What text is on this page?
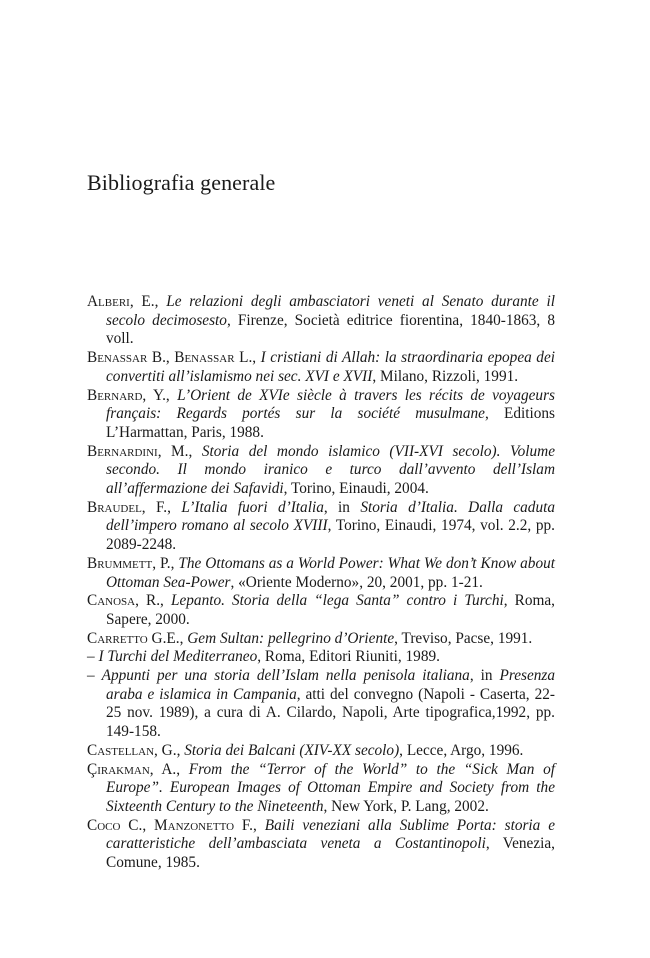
Bibliografia generale
Alberi, E., Le relazioni degli ambasciatori veneti al Senato durante il secolo decimosesto, Firenze, Società editrice fiorentina, 1840-1863, 8 voll.
Benassar B., Benassar L., I cristiani di Allah: la straordinaria epopea dei convertiti all’islamismo nei sec. XVI e XVII, Milano, Rizzoli, 1991.
Bernard, Y., L’Orient de XVIe siècle à travers les récits de voyageurs français: Regards portés sur la société musulmane, Editions L’Harmattan, Paris, 1988.
Bernardini, M., Storia del mondo islamico (VII-XVI secolo). Volume secondo. Il mondo iranico e turco dall’avvento dell’Islam all’affermazione dei Safavidi, Torino, Einaudi, 2004.
Braudel, F., L’Italia fuori d’Italia, in Storia d’Italia. Dalla caduta dell’impero romano al secolo XVIII, Torino, Einaudi, 1974, vol. 2.2, pp. 2089-2248.
Brummett, P., The Ottomans as a World Power: What We don’t Know about Ottoman Sea-Power, «Oriente Moderno», 20, 2001, pp. 1-21.
Canosa, R., Lepanto. Storia della “lega Santa” contro i Turchi, Roma, Sapere, 2000.
Carretto G.E., Gem Sultan: pellegrino d’Oriente, Treviso, Pacse, 1991.
– I Turchi del Mediterraneo, Roma, Editori Riuniti, 1989.
– Appunti per una storia dell’Islam nella penisola italiana, in Presenza araba e islamica in Campania, atti del convegno (Napoli - Caserta, 22-25 nov. 1989), a cura di A. Cilardo, Napoli, Arte tipografica,1992, pp. 149-158.
Castellan, G., Storia dei Balcani (XIV-XX secolo), Lecce, Argo, 1996.
Çirakman, A., From the “Terror of the World” to the “Sick Man of Europe”. European Images of Ottoman Empire and Society from the Sixteenth Century to the Nineteenth, New York, P. Lang, 2002.
Coco C., Manzonetto F., Baili veneziani alla Sublime Porta: storia e caratteristiche dell’ambasciata veneta a Costantinopoli, Venezia, Comune, 1985.
